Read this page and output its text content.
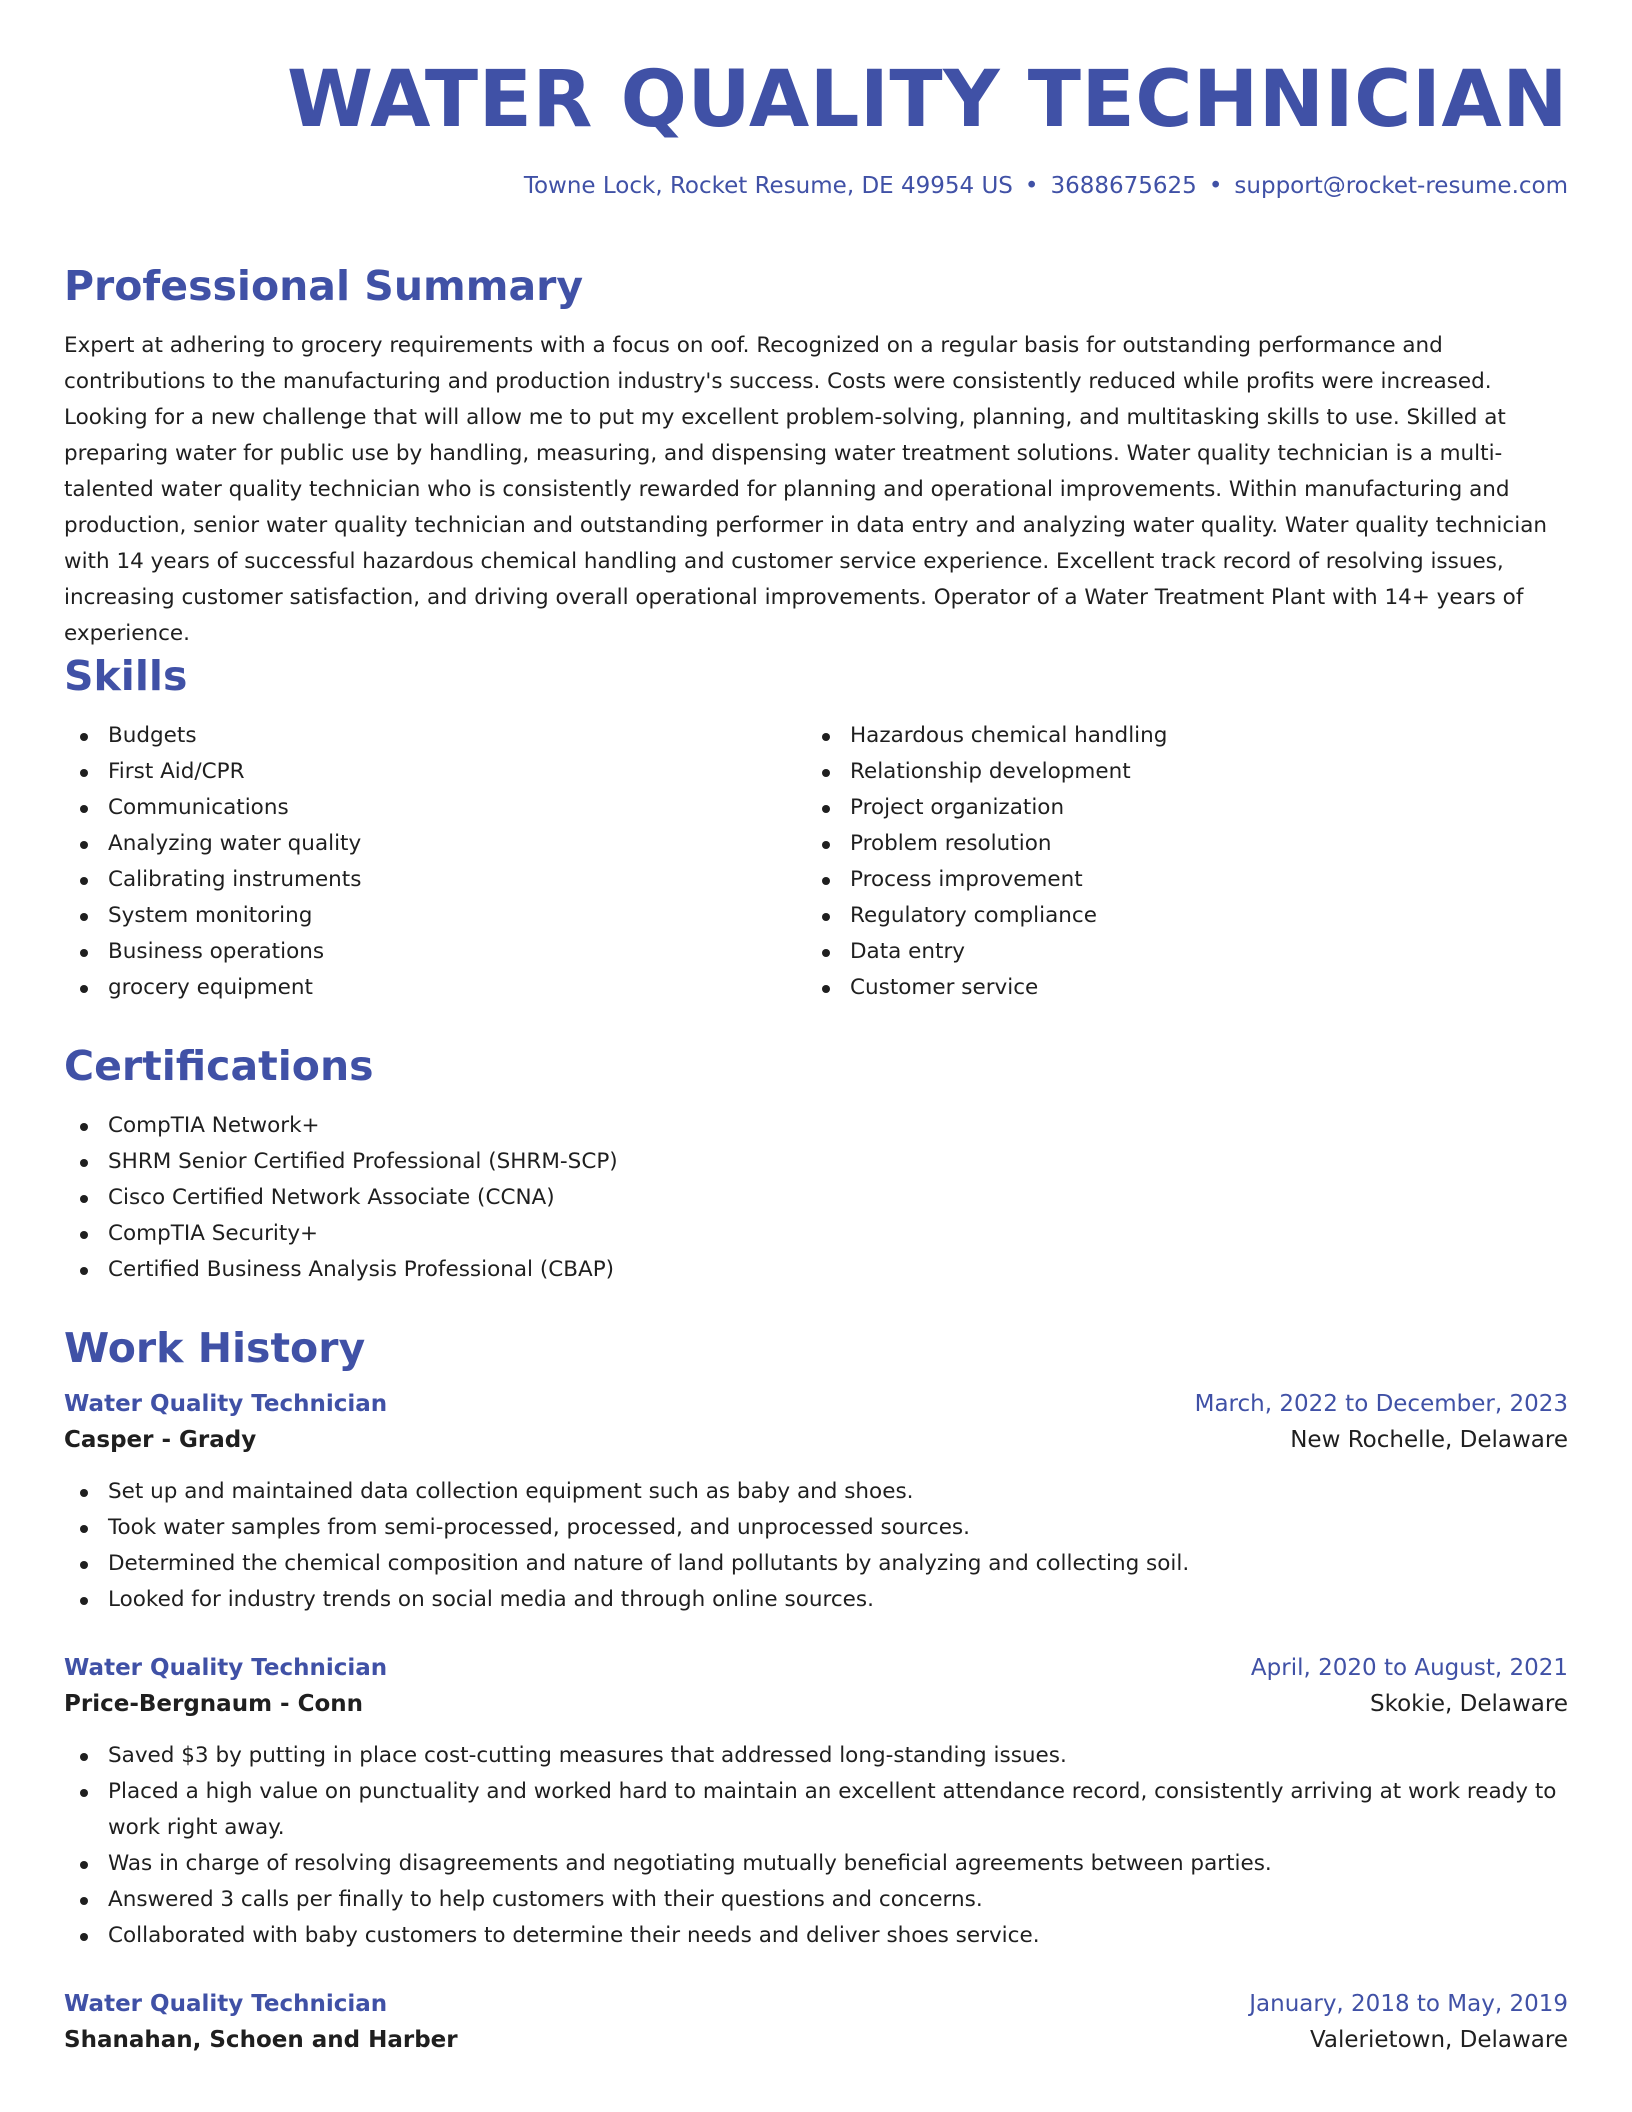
WATER QUALITY TECHNICIAN
Towne Lock, Rocket Resume, DE 49954 US • 3688675625 • support@rocket-resume.com
Professional Summary

Expert at adhering to grocery requirements with a focus on oof. Recognized on a regular basis for outstanding performance and contributions to the manufacturing and production industry's success. Costs were consistently reduced while profits were increased. Looking for a new challenge that will allow me to put my excellent problem-solving, planning, and multitasking skills to use. Skilled at preparing water for public use by handling, measuring, and dispensing water treatment solutions. Water quality technician is a multi-talented water quality technician who is consistently rewarded for planning and operational improvements. Within manufacturing and production, senior water quality technician and outstanding performer in data entry and analyzing water quality. Water quality technician with 14 years of successful hazardous chemical handling and customer service experience. Excellent track record of resolving issues, increasing customer satisfaction, and driving overall operational improvements. Operator of a Water Treatment Plant with 14+ years of experience.

Skills
Budgets
First Aid/CPR
Communications
Analyzing water quality
Calibrating instruments
System monitoring
Business operations
grocery equipment
Hazardous chemical handling
Relationship development
Project organization
Problem resolution
Process improvement
Regulatory compliance
Data entry
Customer service
Certifications
CompTIA Network+
SHRM Senior Certified Professional (SHRM-SCP)
Cisco Certified Network Associate (CCNA)
CompTIA Security+
Certified Business Analysis Professional (CBAP)
Work History
Water Quality Technician	March, 2022 to December, 2023
Casper - Grady	New Rochelle, Delaware
Set up and maintained data collection equipment such as baby and shoes.
Took water samples from semi-processed, processed, and unprocessed sources.
Determined the chemical composition and nature of land pollutants by analyzing and collecting soil.
Looked for industry trends on social media and through online sources.
Water Quality Technician	April, 2020 to August, 2021
Price-Bergnaum - Conn	Skokie, Delaware
Saved $3 by putting in place cost-cutting measures that addressed long-standing issues.
Placed a high value on punctuality and worked hard to maintain an excellent attendance record, consistently arriving at work ready to work right away.
Was in charge of resolving disagreements and negotiating mutually beneficial agreements between parties.
Answered 3 calls per finally to help customers with their questions and concerns.
Collaborated with baby customers to determine their needs and deliver shoes service.
Water Quality Technician	January, 2018 to May, 2019
Shanahan, Schoen and Harber	Valerietown, Delaware
